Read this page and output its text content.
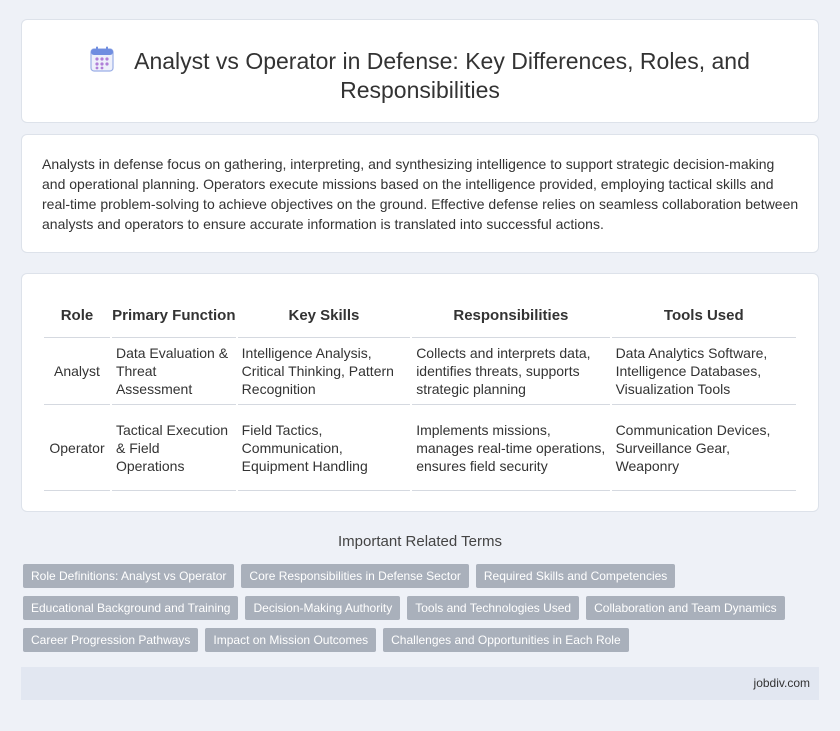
Analyst vs Operator in Defense: Key Differences, Roles, and Responsibilities

Analysts in defense focus on gathering, interpreting, and synthesizing intelligence to support strategic decision-making and operational planning. Operators execute missions based on the intelligence provided, employing tactical skills and real-time problem-solving to achieve objectives on the ground. Effective defense relies on seamless collaboration between analysts and operators to ensure accurate information is translated into successful actions.

Role	Primary Function	Key Skills	Responsibilities	Tools Used
Analyst	Data Evaluation & Threat Assessment	Intelligence Analysis, Critical Thinking, Pattern Recognition	Collects and interprets data, identifies threats, supports strategic planning	Data Analytics Software, Intelligence Databases, Visualization Tools
Operator	Tactical Execution & Field Operations	Field Tactics, Communication, Equipment Handling	Implements missions, manages real-time operations, ensures field security	Communication Devices, Surveillance Gear, Weaponry
Important Related Terms
Role Definitions: Analyst vs Operator	Core Responsibilities in Defense Sector	Required Skills and Competencies
Educational Background and Training	Decision-Making Authority	Tools and Technologies Used	Collaboration and Team Dynamics
Career Progression Pathways	Impact on Mission Outcomes	Challenges and Opportunities in Each Role
jobdiv.com
